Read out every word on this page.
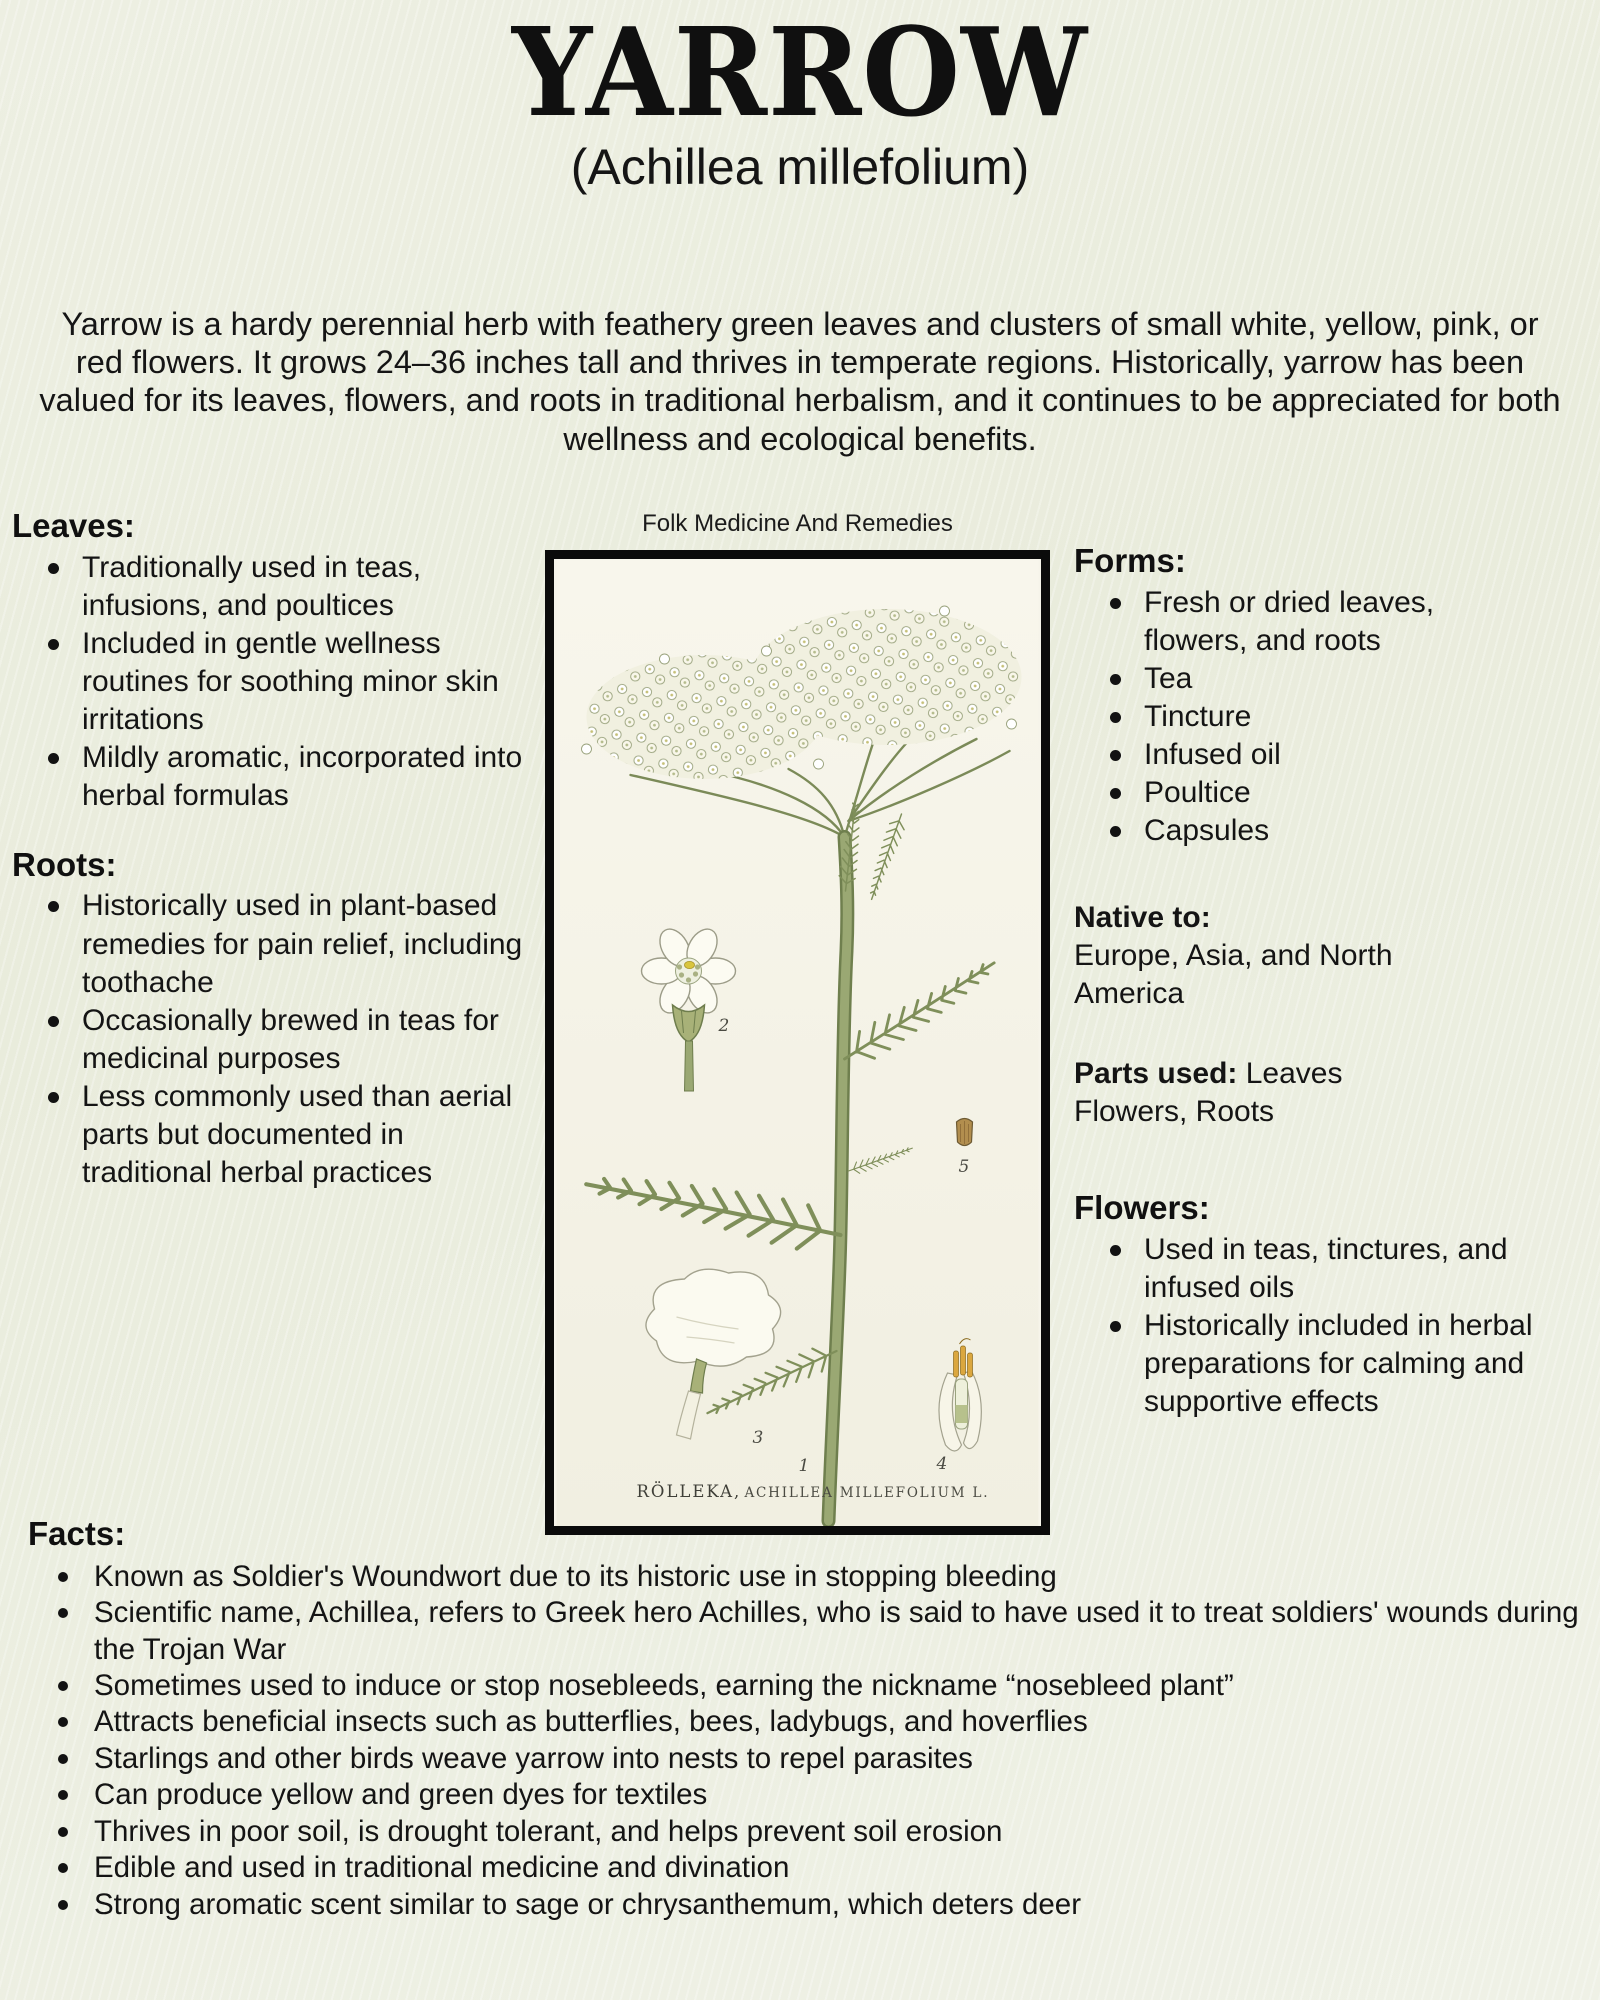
YARROW
(Achillea millefolium)

Yarrow is a hardy perennial herb with feathery green leaves and clusters of small white, yellow, pink, or red flowers. It grows 24–36 inches tall and thrives in temperate regions. Historically, yarrow has been valued for its leaves, flowers, and roots in traditional herbalism, and it continues to be appreciated for both wellness and ecological benefits.

Leaves:
Traditionally used in teas, infusions, and poultices
Included in gentle wellness routines for soothing minor skin irritations
Mildly aromatic, incorporated into herbal formulas
Roots:
Historically used in plant-based remedies for pain relief, including toothache
Occasionally brewed in teas for medicinal purposes
Less commonly used than aerial parts but documented in traditional herbal practices
Folk Medicine And Remedies
1
2
3
4
5
RÖLLEKA, ACHILLEA MILLEFOLIUM L.
Forms:
Fresh or dried leaves, flowers, and roots
Tea
Tincture
Infused oil
Poultice
Capsules
Native to:
Europe, Asia, and North America
Parts used: Leaves
Flowers, Roots
Flowers:
Used in teas, tinctures, and infused oils
Historically included in herbal preparations for calming and supportive effects
Facts:
Known as Soldier's Woundwort due to its historic use in stopping bleeding
Scientific name, Achillea, refers to Greek hero Achilles, who is said to have used it to treat soldiers' wounds during the Trojan War
Sometimes used to induce or stop nosebleeds, earning the nickname “nosebleed plant”
Attracts beneficial insects such as butterflies, bees, ladybugs, and hoverflies
Starlings and other birds weave yarrow into nests to repel parasites
Can produce yellow and green dyes for textiles
Thrives in poor soil, is drought tolerant, and helps prevent soil erosion
Edible and used in traditional medicine and divination
Strong aromatic scent similar to sage or chrysanthemum, which deters deer
